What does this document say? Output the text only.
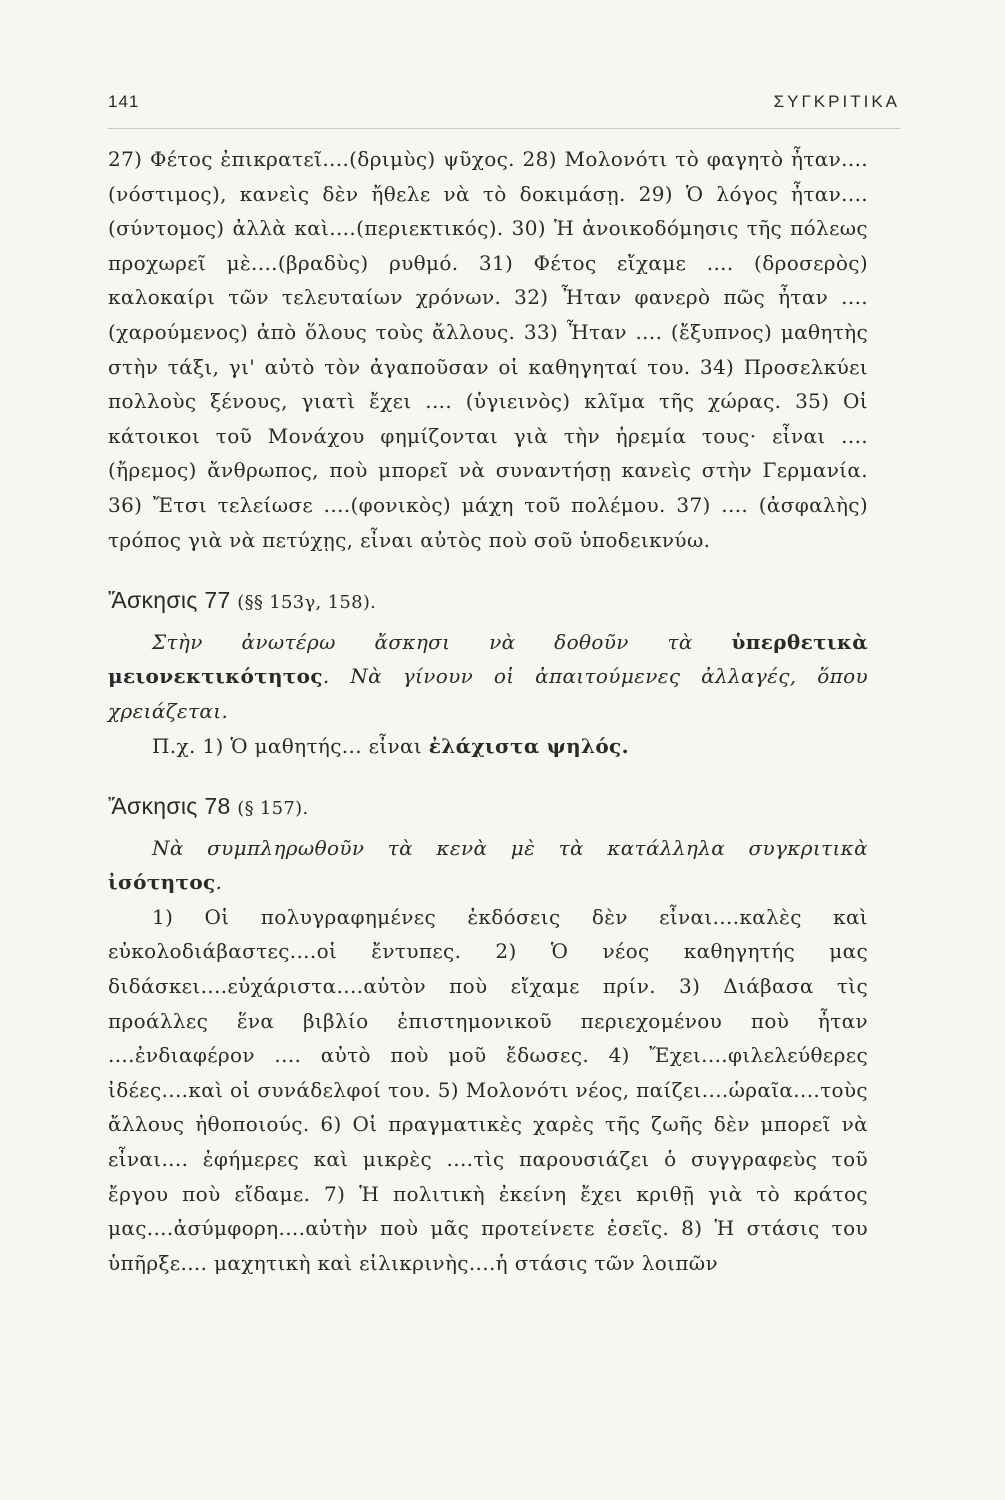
141	ΣΥΓΚΡΙΤΙΚΑ

27) Φέτος ἐπικρατεῖ....(δριμὺς) ψῦχος. 28) Μολονότι τὸ φαγητὸ ἦταν....(νόστιμος), κανεὶς δὲν ἤθελε νὰ τὸ δοκιμάσῃ. 29) Ὁ λόγος ἦταν....(σύντομος) ἀλλὰ καὶ....(περιεκτικός). 30) Ἡ ἀνοικοδόμησις τῆς πόλεως προχωρεῖ μὲ....(βραδὺς) ρυθμό. 31) Φέτος εἴχαμε .... (δροσερὸς) καλοκαίρι τῶν τελευταίων χρόνων. 32) Ἦταν φανερὸ πῶς ἦταν .... (χαρούμενος) ἀπὸ ὅλους τοὺς ἄλλους. 33) Ἦταν .... (ἔξυπνος) μαθητὴς στὴν τάξι, γι' αὐτὸ τὸν ἀγαποῦσαν οἱ καθηγηταί του. 34) Προσελκύει πολλοὺς ξένους, γιατὶ ἔχει .... (ὑγιεινὸς) κλῖμα τῆς χώρας. 35) Οἱ κάτοικοι τοῦ Μονάχου φημίζονται γιὰ τὴν ἠρεμία τους· εἶναι .... (ἤρεμος) ἄνθρωπος, ποὺ μπορεῖ νὰ συναντήσῃ κανεὶς στὴν Γερμανία. 36) Ἔτσι τελείωσε ....(φονικὸς) μάχη τοῦ πολέμου. 37) .... (ἀσφαλὴς) τρόπος γιὰ νὰ πετύχῃς, εἶναι αὐτὸς ποὺ σοῦ ὑποδεικνύω.

Ἄσκησις 77 (§§ 153γ, 158).

Στὴν ἀνωτέρω ἄσκησι νὰ δοθοῦν τὰ ὑπερθετικὰ μειονεκτικότητος. Νὰ γίνουν οἱ ἀπαιτούμενες ἀλλαγές, ὅπου χρειάζεται.

Π.χ. 1) Ὁ μαθητής... εἶναι ἐλάχιστα ψηλός.

Ἄσκησις 78 (§ 157).

Νὰ συμπληρωθοῦν τὰ κενὰ μὲ τὰ κατάλληλα συγκριτικὰ ἰσότητος.

1) Οἱ πολυγραφημένες ἐκδόσεις δὲν εἶναι....καλὲς καὶ εὐκολοδιάβαστες....οἱ ἔντυπες. 2) Ὁ νέος καθηγητής μας διδάσκει....εὐχάριστα....αὐτὸν ποὺ εἴχαμε πρίν. 3) Διάβασα τὶς προάλλες ἕνα βιβλίο ἐπιστημονικοῦ περιεχομένου ποὺ ἦταν ....ἐνδιαφέρον .... αὐτὸ ποὺ μοῦ ἔδωσες. 4) Ἔχει....φιλελεύθερες ἰδέες....καὶ οἱ συνάδελφοί του. 5) Μολονότι νέος, παίζει....ὡραῖα....τοὺς ἄλλους ἠθοποιούς. 6) Οἱ πραγματικὲς χαρὲς τῆς ζωῆς δὲν μπορεῖ νὰ εἶναι.... ἐφήμερες καὶ μικρὲς ....τὶς παρουσιάζει ὁ συγγραφεὺς τοῦ ἔργου ποὺ εἴδαμε. 7) Ἡ πολιτικὴ ἐκείνη ἔχει κριθῇ γιὰ τὸ κράτος μας....ἀσύμφορη....αὐτὴν ποὺ μᾶς προτείνετε ἐσεῖς. 8) Ἡ στάσις του ὑπῆρξε.... μαχητικὴ καὶ εἰλικρινὴς....ἡ στάσις τῶν λοιπῶν
